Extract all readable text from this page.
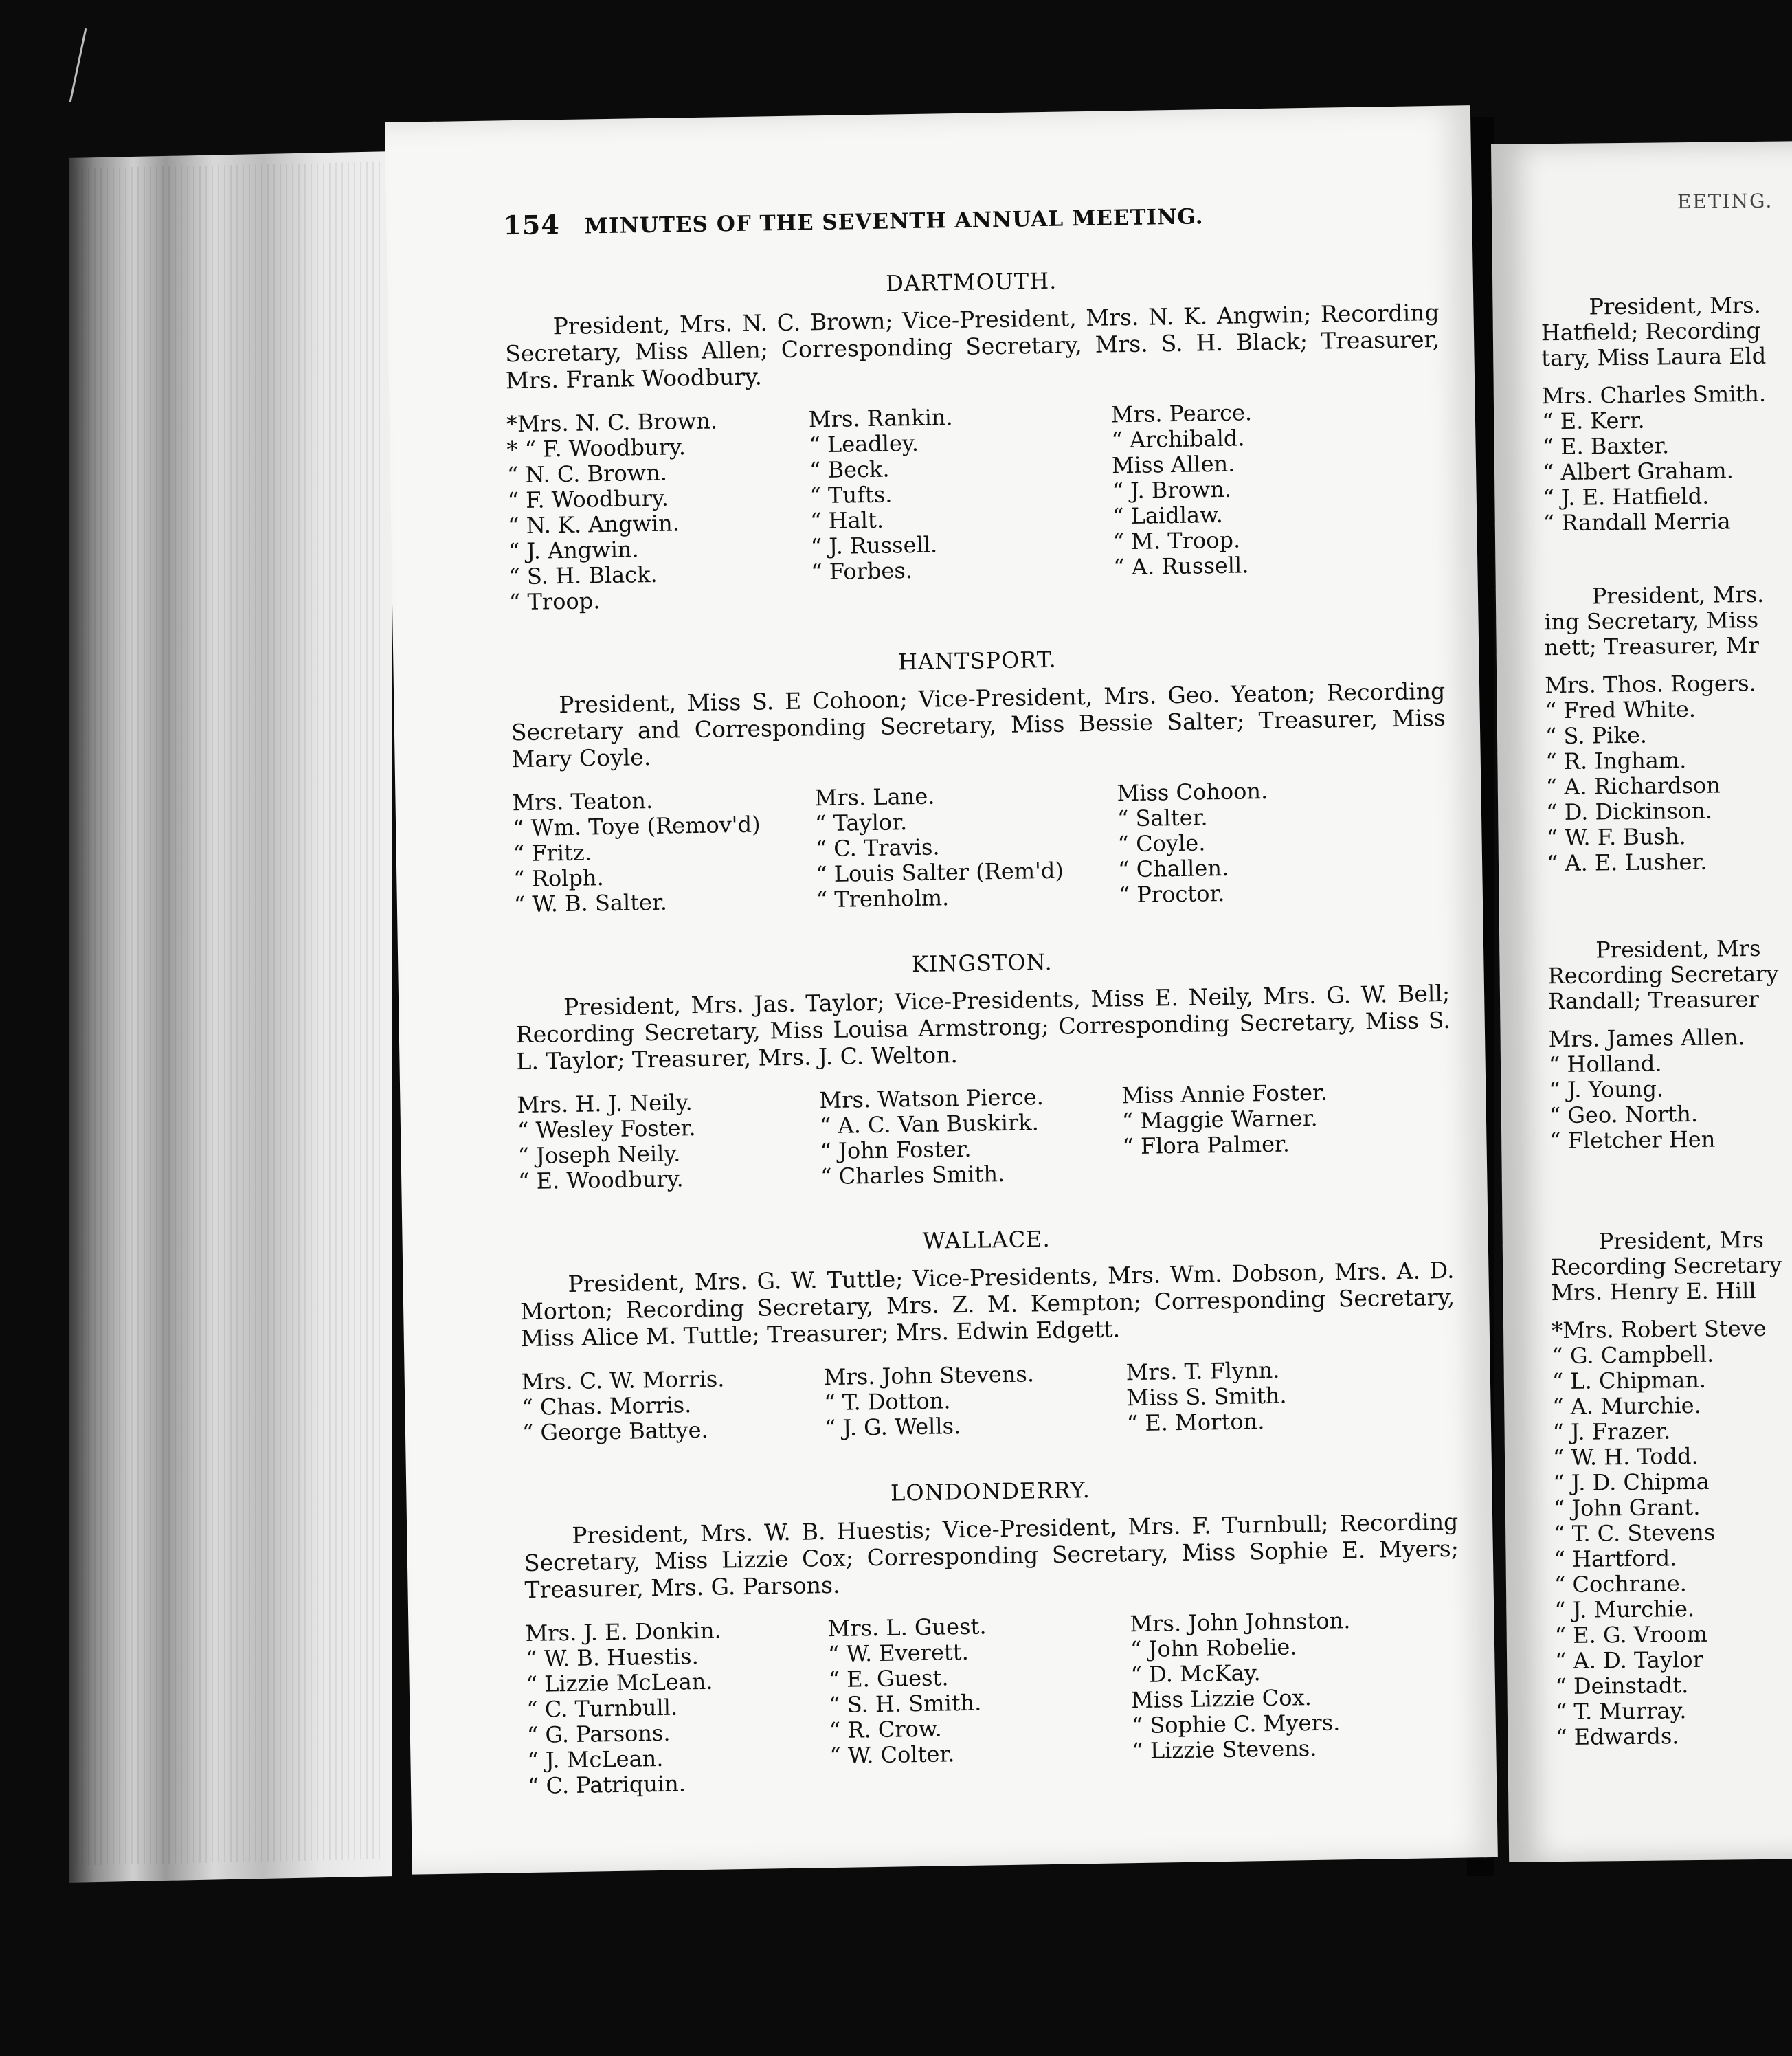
154 MINUTES OF THE SEVENTH ANNUAL MEETING.
DARTMOUTH.
President, Mrs. N. C. Brown; Vice-President, Mrs. N. K. Angwin; Recording Secretary, Miss Allen; Corresponding Secretary, Mrs. S. H. Black; Treasurer, Mrs. Frank Woodbury.
*Mrs. N. C. Brown.
* “ F. Woodbury.
“ N. C. Brown.
“ F. Woodbury.
“ N. K. Angwin.
“ J. Angwin.
“ S. H. Black.
“ Troop.
Mrs. Rankin.
“ Leadley.
“ Beck.
“ Tufts.
“ Halt.
“ J. Russell.
“ Forbes.
Mrs. Pearce.
“ Archibald.
Miss Allen.
“ J. Brown.
“ Laidlaw.
“ M. Troop.
“ A. Russell.
HANTSPORT.
President, Miss S. E Cohoon; Vice-President, Mrs. Geo. Yeaton; Recording Secretary and Corresponding Secretary, Miss Bessie Salter; Treasurer, Miss Mary Coyle.
Mrs. Teaton.
“ Wm. Toye (Remov'd)
“ Fritz.
“ Rolph.
“ W. B. Salter.
Mrs. Lane.
“ Taylor.
“ C. Travis.
“ Louis Salter (Rem'd)
“ Trenholm.
Miss Cohoon.
“ Salter.
“ Coyle.
“ Challen.
“ Proctor.
KINGSTON.
President, Mrs. Jas. Taylor; Vice-Presidents, Miss E. Neily, Mrs. G. W. Bell; Recording Secretary, Miss Louisa Armstrong; Corresponding Secretary, Miss S. L. Taylor; Treasurer, Mrs. J. C. Welton.
Mrs. H. J. Neily.
“ Wesley Foster.
“ Joseph Neily.
“ E. Woodbury.
Mrs. Watson Pierce.
“ A. C. Van Buskirk.
“ John Foster.
“ Charles Smith.
Miss Annie Foster.
“ Maggie Warner.
“ Flora Palmer.
WALLACE.
President, Mrs. G. W. Tuttle; Vice-Presidents, Mrs. Wm. Dobson, Mrs. A. D. Morton; Recording Secretary, Mrs. Z. M. Kempton; Corresponding Secretary, Miss Alice M. Tuttle; Treasurer; Mrs. Edwin Edgett.
Mrs. C. W. Morris.
“ Chas. Morris.
“ George Battye.
Mrs. John Stevens.
“ T. Dotton.
“ J. G. Wells.
Mrs. T. Flynn.
Miss S. Smith.
“ E. Morton.
LONDONDERRY.
President, Mrs. W. B. Huestis; Vice-President, Mrs. F. Turnbull; Recording Secretary, Miss Lizzie Cox; Corresponding Secretary, Miss Sophie E. Myers; Treasurer, Mrs. G. Parsons.
Mrs. J. E. Donkin.
“ W. B. Huestis.
“ Lizzie McLean.
“ C. Turnbull.
“ G. Parsons.
“ J. McLean.
“ C. Patriquin.
Mrs. L. Guest.
“ W. Everett.
“ E. Guest.
“ S. H. Smith.
“ R. Crow.
“ W. Colter.
Mrs. John Johnston.
“ John Robelie.
“ D. McKay.
Miss Lizzie Cox.
“ Sophie C. Myers.
“ Lizzie Stevens.
EETING.
President, Mrs.
Hatfield; Recording
tary, Miss Laura Eld
Mrs. Charles Smith.
“ E. Kerr.
“ E. Baxter.
“ Albert Graham.
“ J. E. Hatfield.
“ Randall Merria
President, Mrs.
ing Secretary, Miss
nett; Treasurer, Mr
Mrs. Thos. Rogers.
“ Fred White.
“ S. Pike.
“ R. Ingham.
“ A. Richardson
“ D. Dickinson.
“ W. F. Bush.
“ A. E. Lusher.
President, Mrs
Recording Secretary
Randall; Treasurer
Mrs. James Allen.
“ Holland.
“ J. Young.
“ Geo. North.
“ Fletcher Hen
President, Mrs
Recording Secretary
Mrs. Henry E. Hill
*Mrs. Robert Steve
“ G. Campbell.
“ L. Chipman.
“ A. Murchie.
“ J. Frazer.
“ W. H. Todd.
“ J. D. Chipma
“ John Grant.
“ T. C. Stevens
“ Hartford.
“ Cochrane.
“ J. Murchie.
“ E. G. Vroom
“ A. D. Taylor
“ Deinstadt.
“ T. Murray.
“ Edwards.
